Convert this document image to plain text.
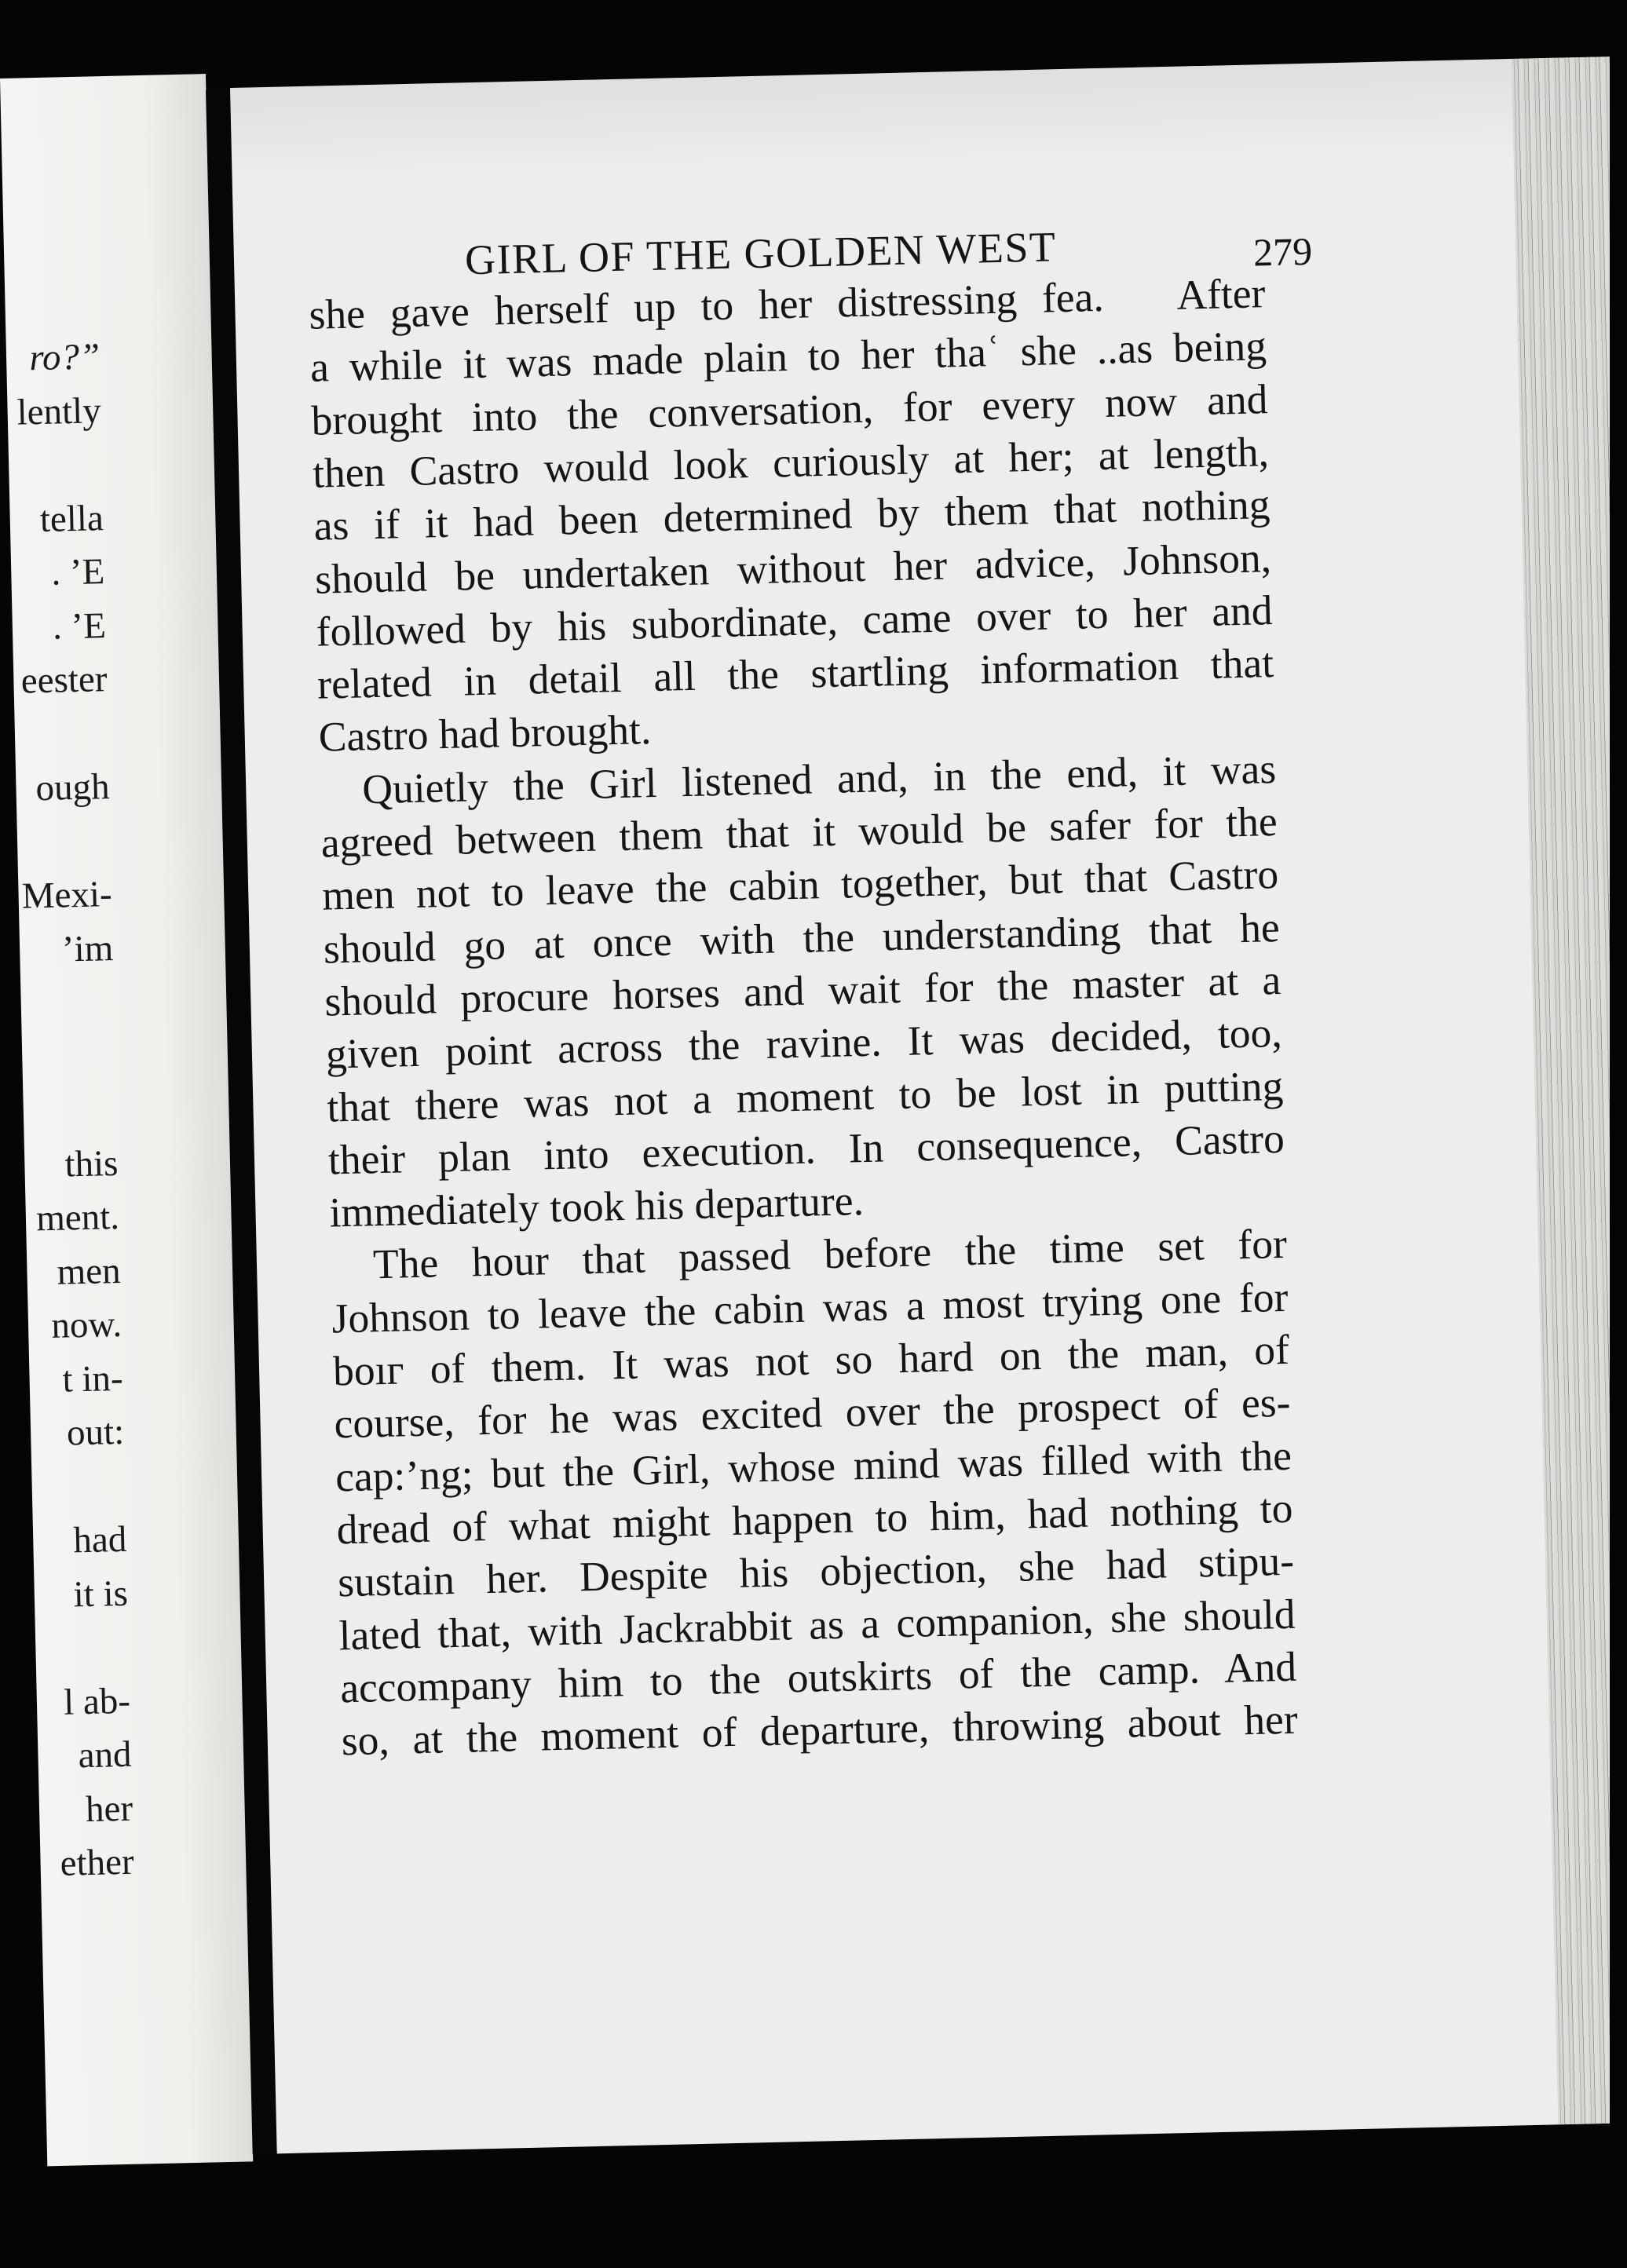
ro?”
lently
tella
. ’E
. ’E
eester
ough
Mexi-
’im
this
ment.
men
now.
t in-
out:
had
it is
l ab-
and
her
ether
GIRL OF THE GOLDEN WEST	279
she gave herself up to her distressing fea.   After
a while it was made plain to her thaʿ she ..as being
brought into the conversation, for every now and
then Castro would look curiously at her; at length,
as if it had been determined by them that nothing
should be undertaken without her advice, Johnson,
followed by his subordinate, came over to her and
related in detail all the startling information that
Castro had brought.
Quietly the Girl listened and, in the end, it was
agreed between them that it would be safer for the
men not to leave the cabin together, but that Castro
should go at once with the understanding that he
should procure horses and wait for the master at a
given point across the ravine. It was decided, too,
that there was not a moment to be lost in putting
their plan into execution. In consequence, Castro
immediately took his departure.
The hour that passed before the time set for
Johnson to leave the cabin was a most trying one for
boıг of them. It was not so hard on the man, of
course, for he was excited over the prospect of es-
cap:’ng; but the Girl, whose mind was filled with the
dread of what might happen to him, had nothing to
sustain her. Despite his objection, she had stipu-
lated that, with Jackrabbit as a companion, she should
accompany him to the outskirts of the camp. And
so, at the moment of departure, throwing about her
